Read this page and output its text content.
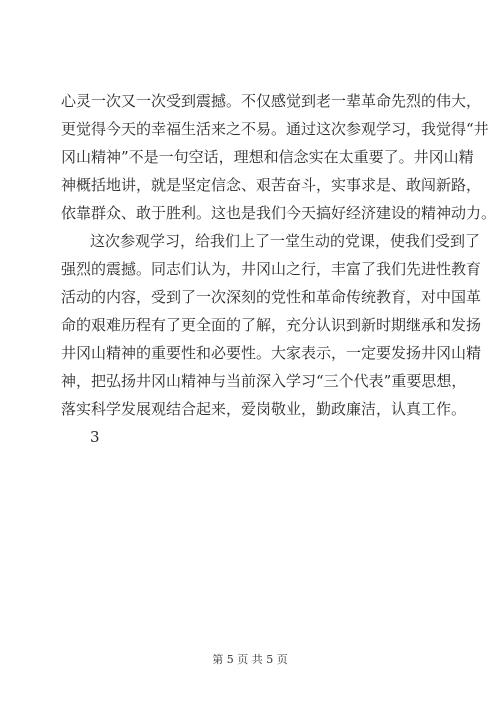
心灵一次又一次受到震撼。不仅感觉到老一辈革命先烈的伟大，
更觉得今天的幸福生活来之不易。通过这次参观学习，我觉得“井
冈山精神”不是一句空话，理想和信念实在太重要了。井冈山精
神概括地讲，就是坚定信念、艰苦奋斗，实事求是、敢闯新路，
依靠群众、敢于胜利。这也是我们今天搞好经济建设的精神动力。
这次参观学习，给我们上了一堂生动的党课，使我们受到了
强烈的震撼。同志们认为，井冈山之行，丰富了我们先进性教育
活动的内容，受到了一次深刻的党性和革命传统教育，对中国革
命的艰难历程有了更全面的了解，充分认识到新时期继承和发扬
井冈山精神的重要性和必要性。大家表示，一定要发扬井冈山精
神，把弘扬井冈山精神与当前深入学习“三个代表”重要思想，
落实科学发展观结合起来，爱岗敬业，勤政廉洁，认真工作。
3
第 5 页 共 5 页
